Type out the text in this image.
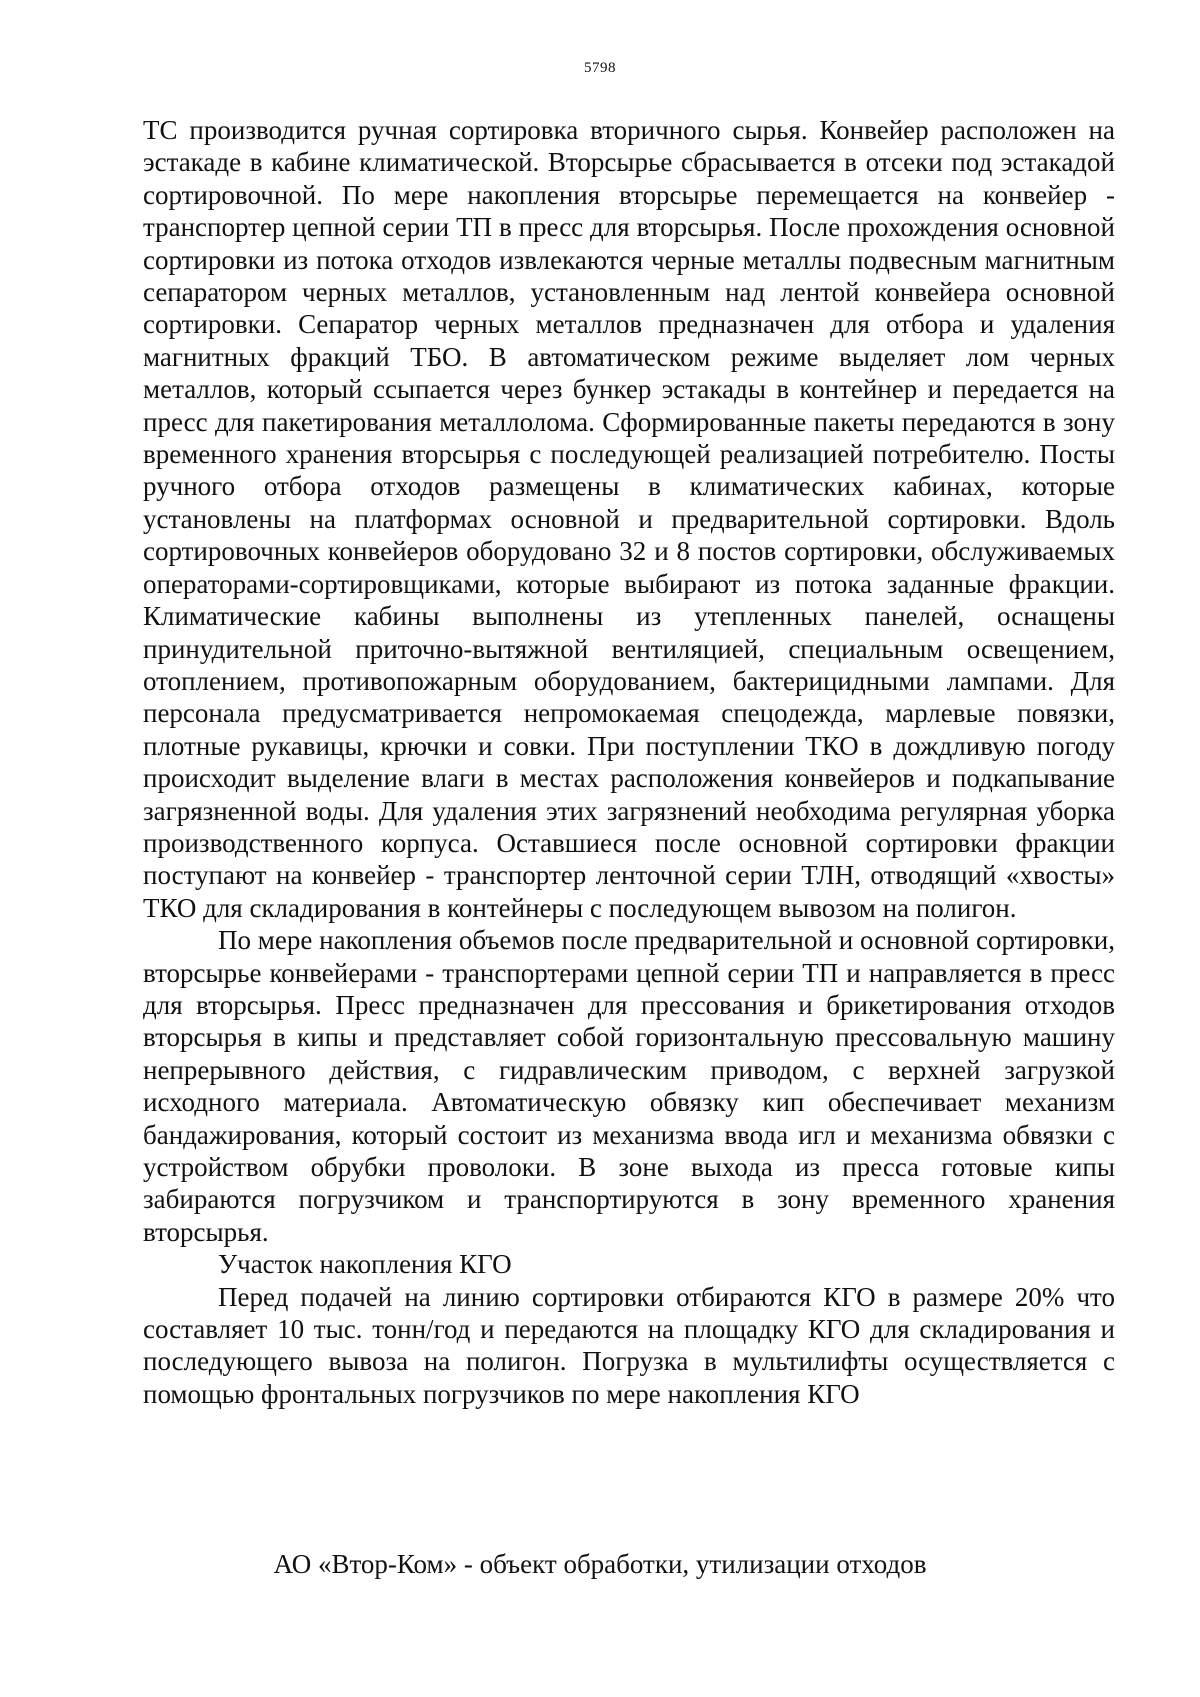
5798

ТС производится ручная сортировка вторичного сырья. Конвейер расположен на эстакаде в кабине климатической. Вторсырье сбрасывается в отсеки под эстакадой сортировочной. По мере накопления вторсырье перемещается на конвейер - транспортер цепной серии ТП в пресс для вторсырья. После прохождения основной сортировки из потока отходов извлекаются черные металлы подвесным магнитным сепаратором черных металлов, установленным над лентой конвейера основной сортировки. Сепаратор черных металлов предназначен для отбора и удаления магнитных фракций ТБО. В автоматическом режиме выделяет лом черных металлов, который ссыпается через бункер эстакады в контейнер и передается на пресс для пакетирования металлолома. Сформированные пакеты передаются в зону временного хранения вторсырья с последующей реализацией потребителю. Посты ручного отбора отходов размещены в климатических кабинах, которые установлены на платформах основной и предварительной сортировки. Вдоль сортировочных конвейеров оборудовано 32 и 8 постов сортировки, обслуживаемых операторами-сортировщиками, которые выбирают из потока заданные фракции. Климатические кабины выполнены из утепленных панелей, оснащены принудительной приточно-вытяжной вентиляцией, специальным освещением, отоплением, противопожарным оборудованием, бактерицидными лампами. Для персонала предусматривается непромокаемая спецодежда, марлевые повязки, плотные рукавицы, крючки и совки. При поступлении ТКО в дождливую погоду происходит выделение влаги в местах расположения конвейеров и подкапывание загрязненной воды. Для удаления этих загрязнений необходима регулярная уборка производственного корпуса. Оставшиеся после основной сортировки фракции поступают на конвейер - транспортер ленточной серии ТЛН, отводящий «хвосты» ТКО для складирования в контейнеры с последующем вывозом на полигон.

По мере накопления объемов после предварительной и основной сортировки, вторсырье конвейерами - транспортерами цепной серии ТП и направляется в пресс для вторсырья. Пресс предназначен для прессования и брикетирования отходов вторсырья в кипы и представляет собой горизонтальную прессовальную машину непрерывного действия, с гидравлическим приводом, с верхней загрузкой исходного материала. Автоматическую обвязку кип обеспечивает механизм бандажирования, который состоит из механизма ввода игл и механизма обвязки с устройством обрубки проволоки. В зоне выхода из пресса готовые кипы забираются погрузчиком и транспортируются в зону временного хранения вторсырья.

Участок накопления КГО

Перед подачей на линию сортировки отбираются КГО в размере 20% что составляет 10 тыс. тонн/год и передаются на площадку КГО для складирования и последующего вывоза на полигон. Погрузка в мультилифты осуществляется с помощью фронтальных погрузчиков по мере накопления КГО

АО «Втор-Ком» - объект обработки, утилизации отходов
